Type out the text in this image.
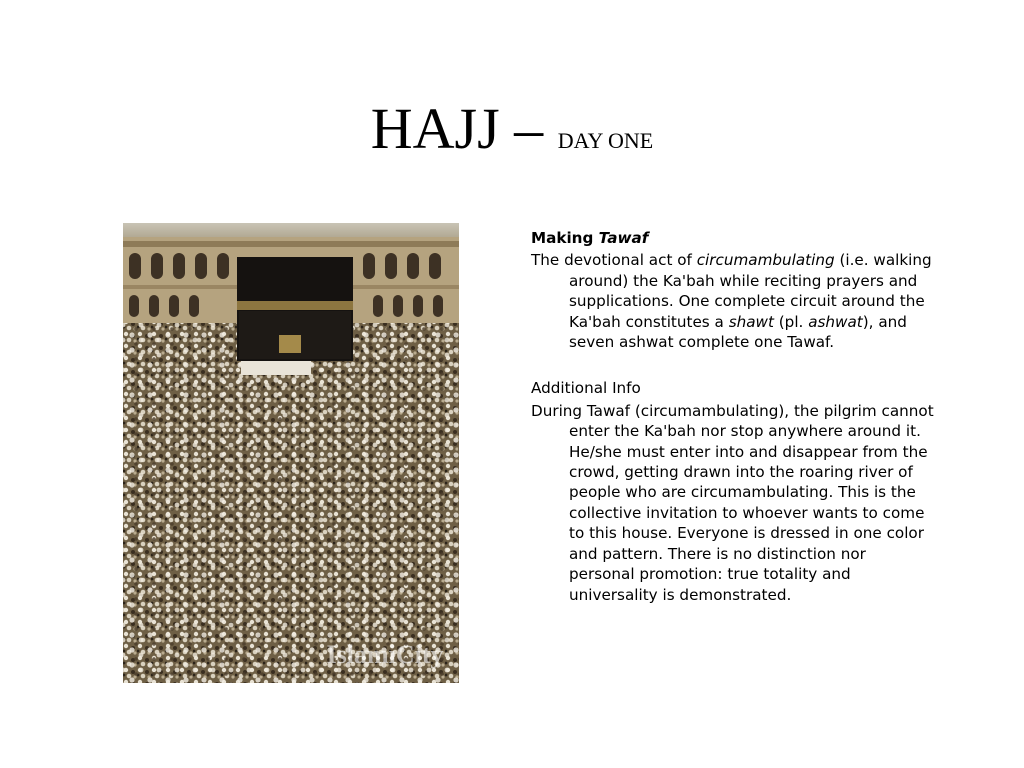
HAJJ – DAY ONE
IslamiCity

Making Tawaf

The devotional act of circumambulating (i.e. walking around) the Ka'bah while reciting prayers and supplications. One complete circuit around the Ka'bah constitutes a shawt (pl. ashwat), and seven ashwat complete one Tawaf.

Additional Info

During Tawaf (circumambulating), the pilgrim cannot enter the Ka'bah nor stop anywhere around it. He/she must enter into and disappear from the crowd, getting drawn into the roaring river of people who are circumambulating. This is the collective invitation to whoever wants to come to this house. Everyone is dressed in one color and pattern. There is no distinction nor personal promotion: true totality and universality is demonstrated.
